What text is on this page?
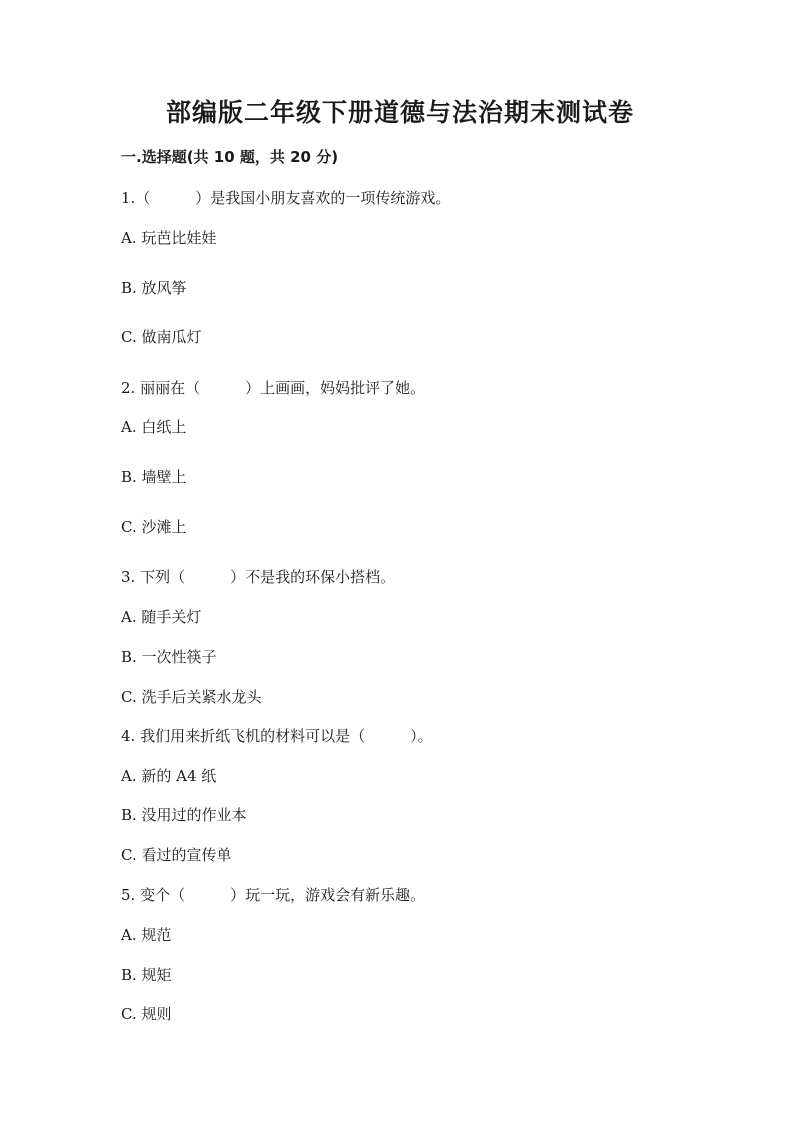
部编版二年级下册道德与法治期末测试卷
一.选择题(共 10 题，共 20 分)
1.（　　　）是我国小朋友喜欢的一项传统游戏。
A. 玩芭比娃娃
B. 放风筝
C. 做南瓜灯
2. 丽丽在（　　　）上画画，妈妈批评了她。
A. 白纸上
B. 墙壁上
C. 沙滩上
3. 下列（　　　）不是我的环保小搭档。
A. 随手关灯
B. 一次性筷子
C. 洗手后关紧水龙头
4. 我们用来折纸飞机的材料可以是（　　　）。
A. 新的 A4 纸
B. 没用过的作业本
C. 看过的宣传单
5. 变个（　　　）玩一玩，游戏会有新乐趣。
A. 规范
B. 规矩
C. 规则
